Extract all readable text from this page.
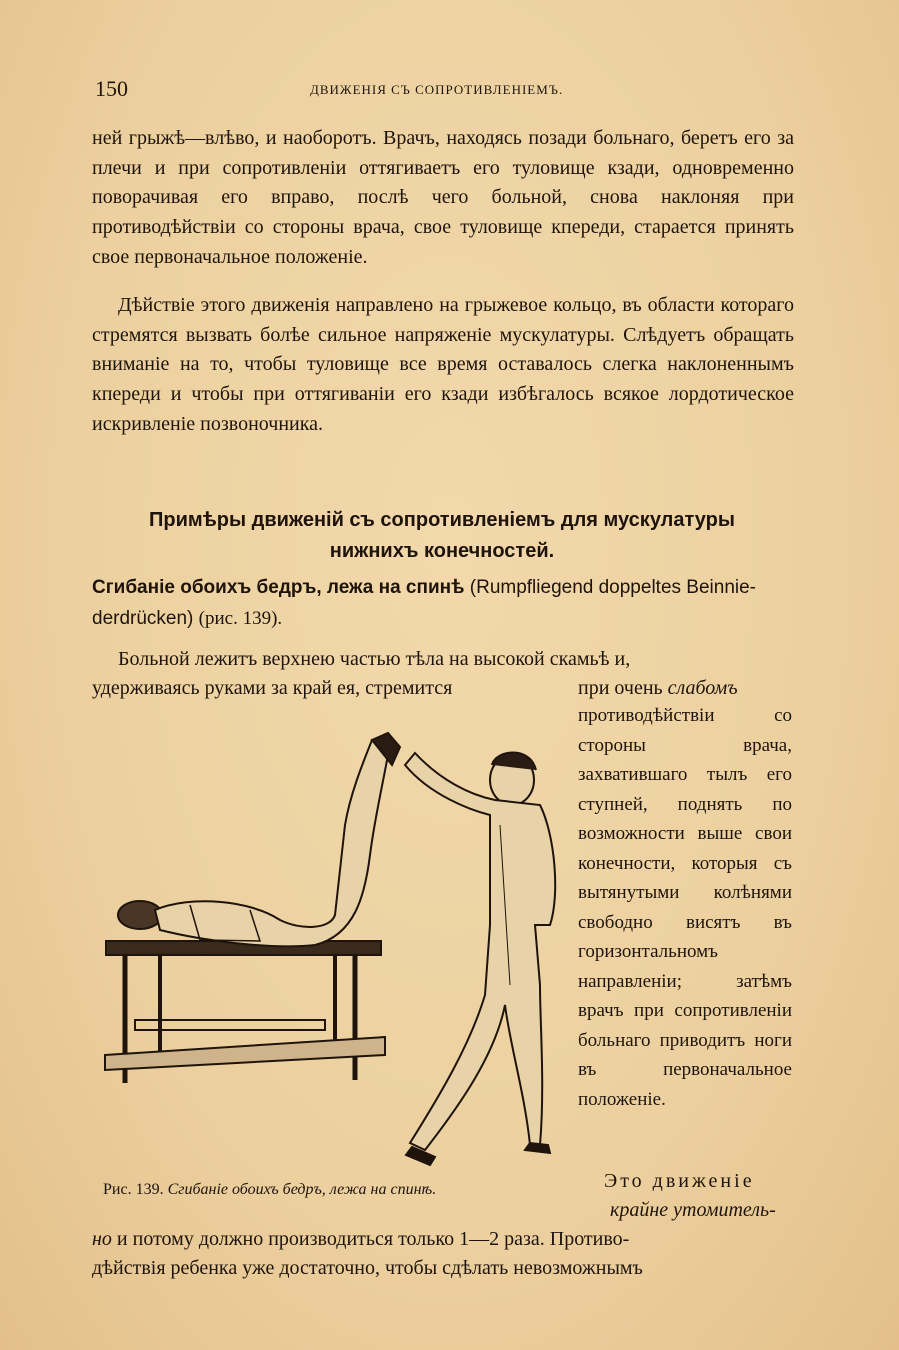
150	ДВИЖЕНІЯ СЪ СОПРОТИВЛЕНІЕМЪ.

ней грыжѣ—влѣво, и наоборотъ. Врачъ, находясь позади больнаго, беретъ его за плечи и при сопротивленіи оттягиваетъ его туловище кзади, одновременно поворачивая его вправо, послѣ чего больной, снова наклоняя при противодѣйствіи со стороны врача, свое туловище кпереди, старается принять свое первоначальное положеніе.

Дѣйствіе этого движенія направлено на грыжевое кольцо, въ области котораго стремятся вызвать болѣе сильное напряженіе мускулатуры. Слѣдуетъ обращать вниманіе на то, чтобы туловище все время оставалось слегка наклоненнымъ кпереди и чтобы при оттягиваніи его кзади избѣгалось всякое лордотическое искривленіе позвоночника.

Примѣры движеній съ сопротивленіемъ для мускулатуры
нижнихъ конечностей.
Сгибаніе обоихъ бедръ, лежа на спинѣ (Rumpfliegend doppeltes Beinnie-
derdrücken) (рис. 139).
Больной лежитъ верхнею частью тѣла на высокой скамьѣ и,
удерживаясь руками за край ея, стремится	при очень слабомъ
противодѣйствіи со стороны врача, захватившаго тылъ его ступней, поднять по возможности выше свои конечности, которыя съ вытянутыми колѣнями свободно висятъ въ горизонтальномъ направленіи; затѣмъ врачъ при сопротивленіи больнаго приводитъ ноги въ первоначальное положеніе.
Рис. 139. Сгибаніе обоихъ бедръ, лежа на спинѣ.	Это движеніе
крайне утомитель-
но и потому должно производиться только 1—2 раза. Противо-
дѣйствія ребенка уже достаточно, чтобы сдѣлать невозможнымъ
